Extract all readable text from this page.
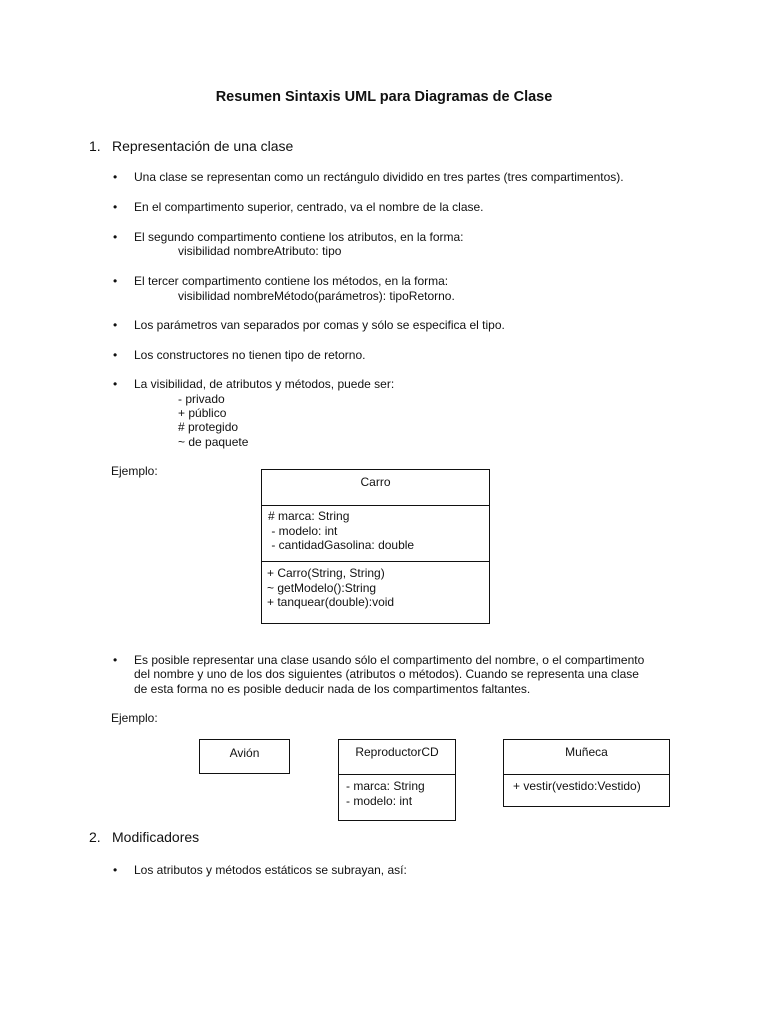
Resumen Sintaxis UML para Diagramas de Clase
1. Representación de una clase
• Una clase se representan como un rectángulo dividido en tres partes (tres compartimentos).
• En el compartimento superior, centrado, va el nombre de la clase.
• El segundo compartimento contiene los atributos, en la forma:
visibilidad nombreAtributo: tipo
• El tercer compartimento contiene los métodos, en la forma:
visibilidad nombreMétodo(parámetros): tipoRetorno.
• Los parámetros van separados por comas y sólo se especifica el tipo.
• Los constructores no tienen tipo de retorno.
• La visibilidad, de atributos y métodos, puede ser:
- privado
+ público
# protegido
~ de paquete
Ejemplo:
Carro
# marca: String
- modelo: int
- cantidadGasolina: double
+ Carro(String, String)
~ getModelo():String
+ tanquear(double):void
• Es posible representar una clase usando sólo el compartimento del nombre, o el compartimento
del nombre y uno de los dos siguientes (atributos o métodos). Cuando se representa una clase
de esta forma no es posible deducir nada de los compartimentos faltantes.
Ejemplo:
Avión	ReproductorCD
- marca: String
- modelo: int
Muñeca
+ vestir(vestido:Vestido)
2. Modificadores
• Los atributos y métodos estáticos se subrayan, así:
